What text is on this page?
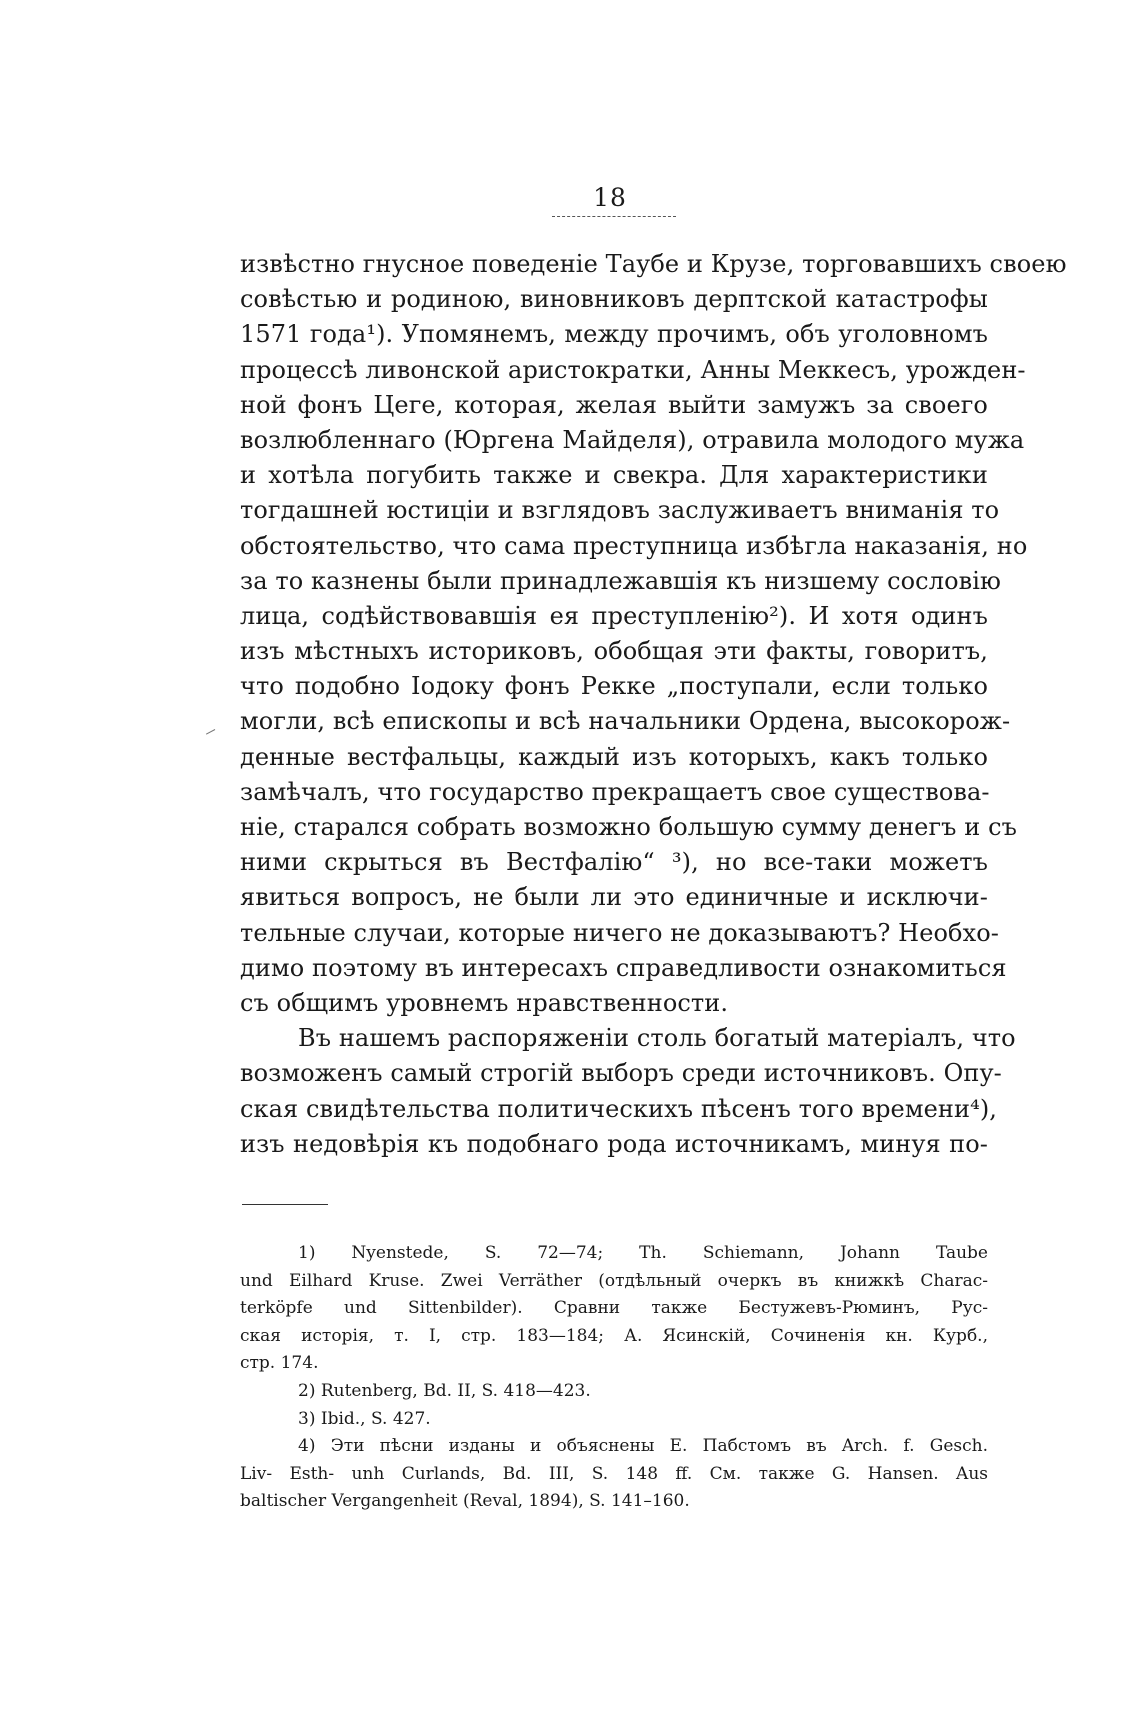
18
извѣстно гнусное поведеніе Таубе и Крузе, торговавшихъ своею
совѣстью и родиною, виновниковъ дерптской катастрофы
1571 года¹). Упомянемъ, между прочимъ, объ уголовномъ
процессѣ ливонской аристократки, Анны Меккесъ, урожден-
ной фонъ Цеге, которая, желая выйти замужъ за своего
возлюбленнаго (Юргена Майделя), отравила молодого мужа
и хотѣла погубить также и свекра. Для характеристики
тогдашней юстиціи и взглядовъ заслуживаетъ вниманія то
обстоятельство, что сама преступница избѣгла наказанія, но
за то казнены были принадлежавшія къ низшему сословію
лица, содѣйствовавшія ея преступленію²). И хотя одинъ
изъ мѣстныхъ историковъ, обобщая эти факты, говоритъ,
что подобно Іодоку фонъ Рекке „поступали, если только
могли, всѣ епископы и всѣ начальники Ордена, высокорож-
денные вестфальцы, каждый изъ которыхъ, какъ только
замѣчалъ, что государство прекращаетъ свое существова-
ніе, старался собрать возможно большую сумму денегъ и съ
ними скрыться въ Вестфалію“ ³), но все-таки можетъ
явиться вопросъ, не были ли это единичные и исключи-
тельные случаи, которые ничего не доказываютъ? Необхо-
димо поэтому въ интересахъ справедливости ознакомиться
съ общимъ уровнемъ нравственности.
Въ нашемъ распоряженіи столь богатый матеріалъ, что
возможенъ самый строгій выборъ среди источниковъ. Опу-
ская свидѣтельства политическихъ пѣсенъ того времени⁴),
изъ недовѣрія къ подобнаго рода источникамъ, минуя по-
1) Nyenstede, S. 72—74; Th. Schiemann, Johann Taube
und Eilhard Kruse. Zwei Verräther (отдѣльный очеркъ въ книжкѣ Charac-
terköpfe und Sittenbilder). Сравни также Бестужевъ-Рюминъ, Рус-
ская исторія, т. I, стр. 183—184; А. Ясинскій, Сочиненія кн. Курб.,
стр. 174.
2) Rutenberg, Bd. II, S. 418—423.
3) Ibid., S. 427.
4) Эти пѣсни изданы и объяснены Е. Пабстомъ въ Arch. f. Gesch.
Liv- Esth- unh Curlands, Bd. III, S. 148 ff. См. также G. Hansen. Aus
baltischer Vergangenheit (Reval, 1894), S. 141–160.
